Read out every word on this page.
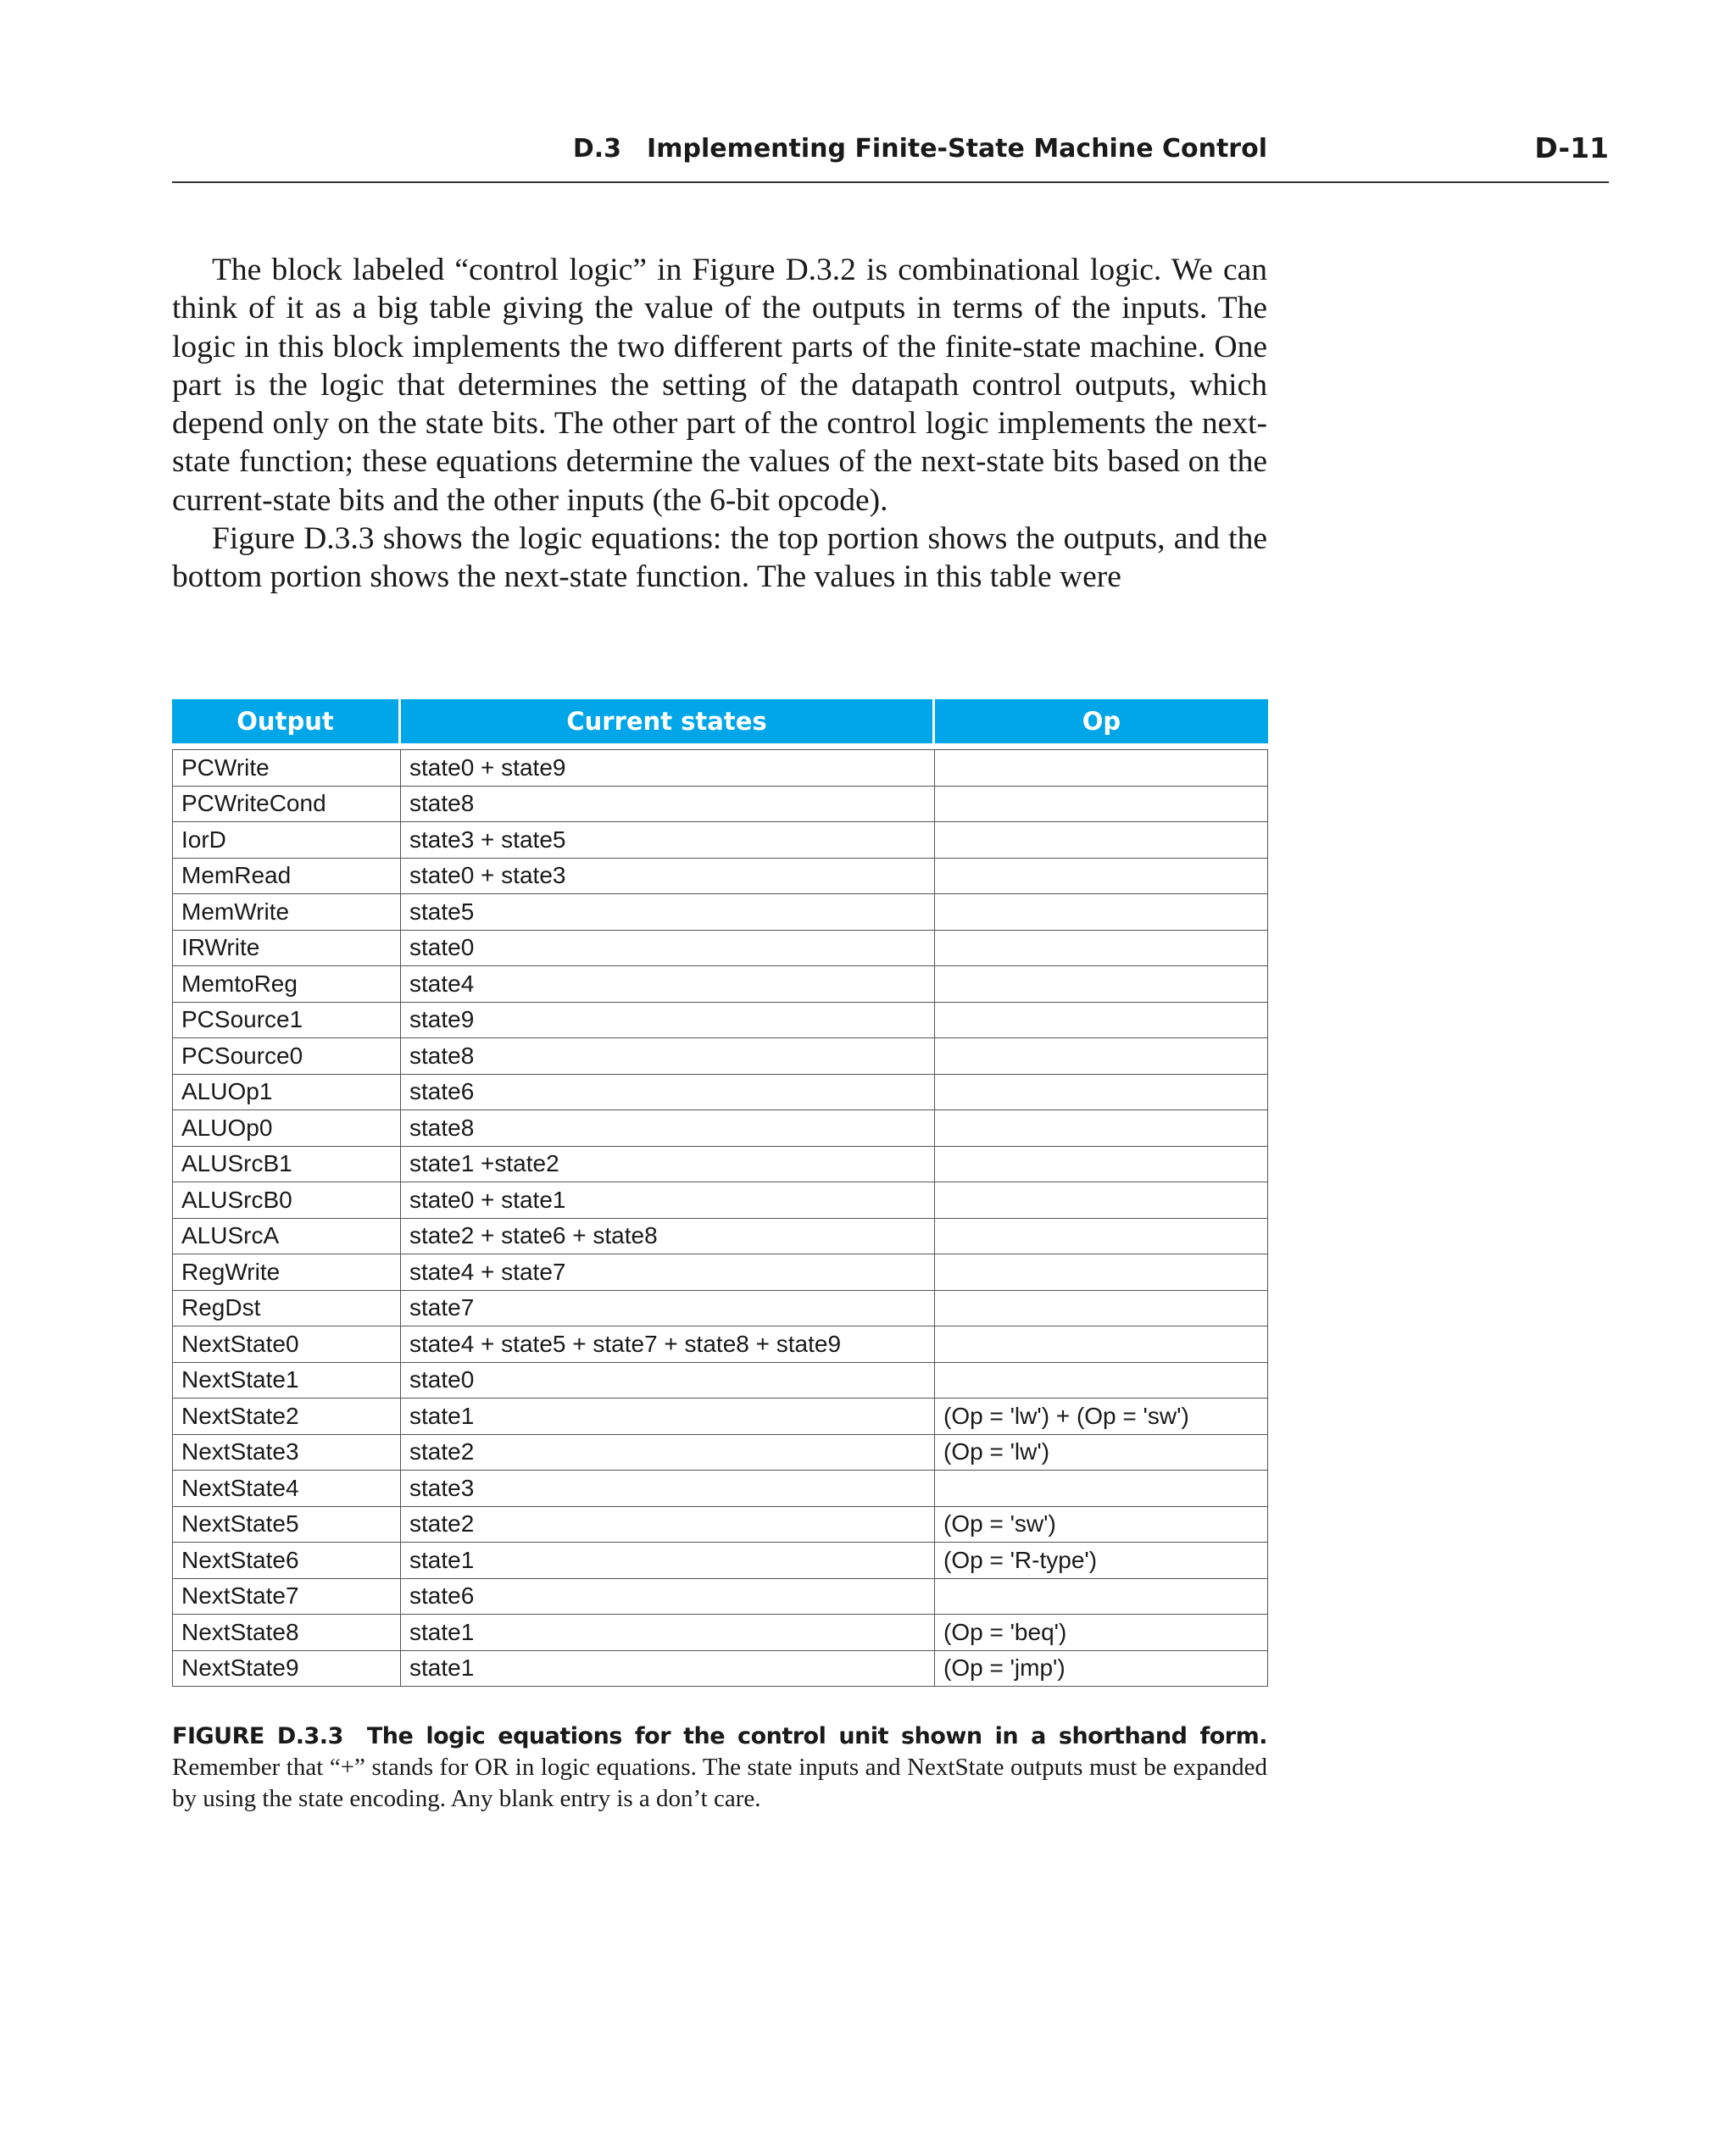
D.3 Implementing Finite-State Machine Control	D-11

The block labeled “control logic” in Figure D.3.2 is combinational logic. We can think of it as a big table giving the value of the outputs in terms of the inputs. The logic in this block implements the two different parts of the finite-state machine. One part is the logic that determines the setting of the datapath control outputs, which depend only on the state bits. The other part of the control logic implements the next-state function; these equations determine the values of the next-state bits based on the current-state bits and the other inputs (the 6-bit opcode).

Figure D.3.3 shows the logic equations: the top portion shows the outputs, and the bottom portion shows the next-state function. The values in this table were

Output	Current states	Op

PCWrite	state0 + state9	
PCWriteCond	state8	
IorD	state3 + state5	
MemRead	state0 + state3	
MemWrite	state5	
IRWrite	state0	
MemtoReg	state4	
PCSource1	state9	
PCSource0	state8	
ALUOp1	state6	
ALUOp0	state8	
ALUSrcB1	state1 +state2	
ALUSrcB0	state0 + state1	
ALUSrcA	state2 + state6 + state8	
RegWrite	state4 + state7	
RegDst	state7	
NextState0	state4 + state5 + state7 + state8 + state9	
NextState1	state0	
NextState2	state1	(Op = 'lw') + (Op = 'sw')
NextState3	state2	(Op = 'lw')
NextState4	state3	
NextState5	state2	(Op = 'sw')
NextState6	state1	(Op = 'R-type')
NextState7	state6	
NextState8	state1	(Op = 'beq')
NextState9	state1	(Op = 'jmp')
FIGURE D.3.3 The logic equations for the control unit shown in a shorthand form. Remember that “+” stands for OR in logic equations. The state inputs and NextState outputs must be expanded by using the state encoding. Any blank entry is a don’t care.
